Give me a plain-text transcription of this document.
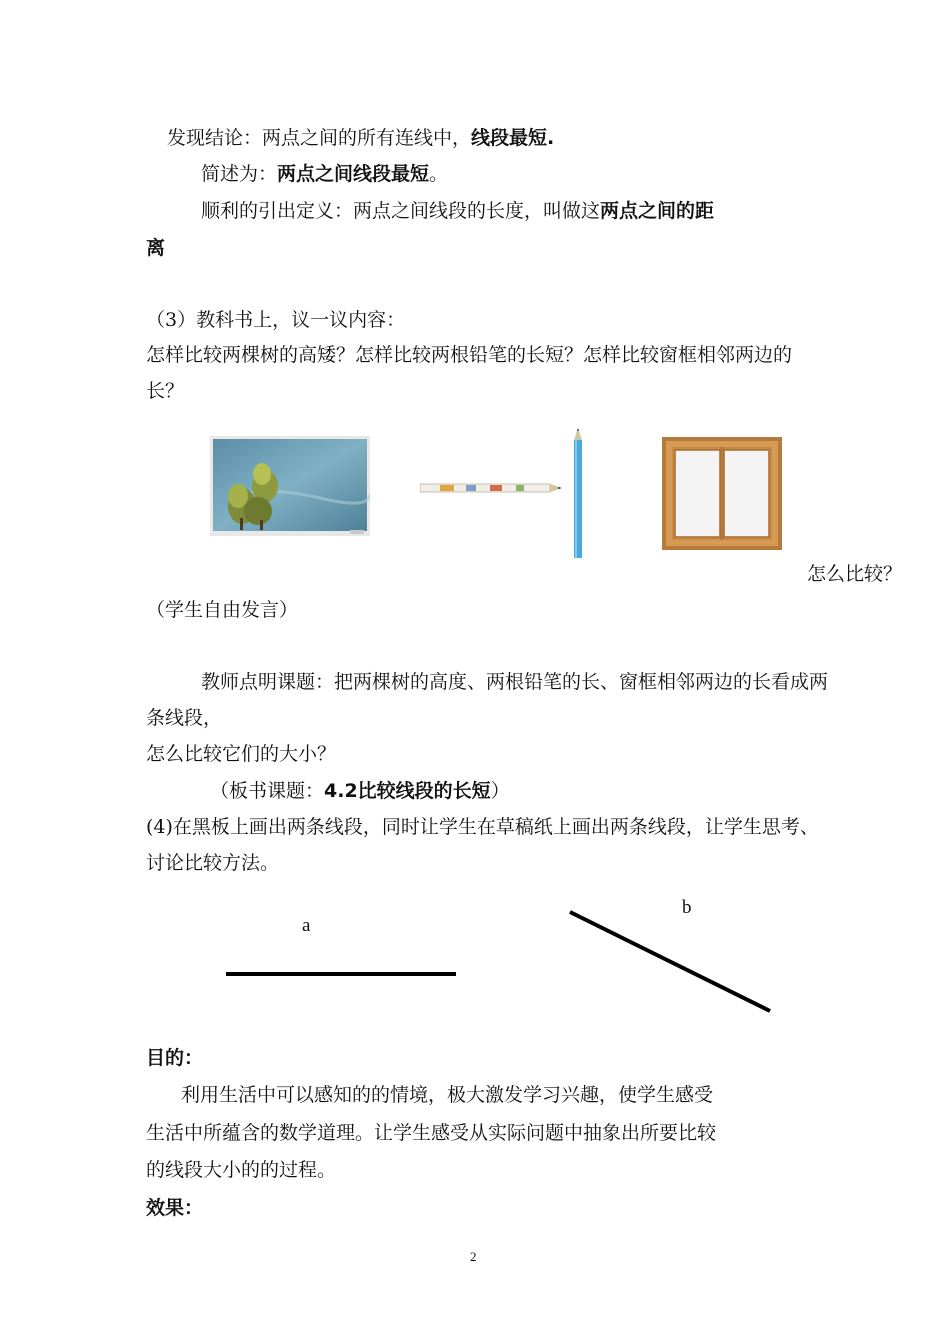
发现结论：两点之间的所有连线中，线段最短.
简述为：两点之间线段最短。
顺利的引出定义：两点之间线段的长度，叫做这两点之间的距
离
（3）教科书上，议一议内容：
怎样比较两棵树的高矮？怎样比较两根铅笔的长短？怎样比较窗框相邻两边的
长？
怎么比较？
（学生自由发言）
教师点明课题：把两棵树的高度、两根铅笔的长、窗框相邻两边的长看成两
条线段，
怎么比较它们的大小？
（板书课题：4.2比较线段的长短）
(4)在黑板上画出两条线段，同时让学生在草稿纸上画出两条线段，让学生思考、
讨论比较方法。
a
b
目的：
利用生活中可以感知的的情境，极大激发学习兴趣，使学生感受
生活中所蕴含的数学道理。让学生感受从实际问题中抽象出所要比较
的线段大小的的过程。
效果：
2
